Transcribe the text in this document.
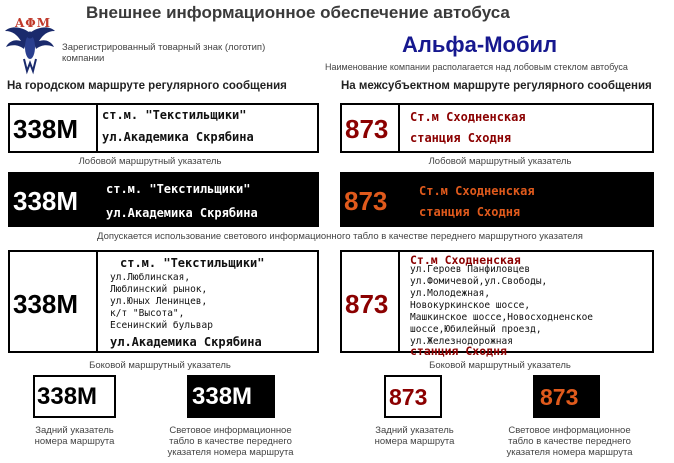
Внешнее информационное обеспечение автобуса
ΑΦΜ
Зарегистрированный товарный знак (логотип) компании
Альфа-Мобил
Наименование компании располагается над лобовым стеклом автобуса
На городском маршруте регулярного сообщения	На межсубъектном маршруте регулярного сообщения
338М ст.м. "Текстильщики"
ул.Академика Скрябина	873 Ст.м Сходненская
станция Сходня
Лобовой маршрутный указатель	Лобовой маршрутный указатель
338М ст.м. "Текстильщики"
ул.Академика Скрябина	873	Ст.м Сходненская
станция Сходня
Допускается использование светового информационного табло в качестве переднего маршрутного указателя
338М
ст.м. "Текстильщики"
ул.Люблинская,
Люблинский рынок,
ул.Юных Ленинцев,
к/т "Высота",
Есенинский бульвар
ул.Академика Скрябина
873
Ст.м Сходненская
ул.Героев Панфиловцев
ул.Фомичевой,ул.Свободы,
ул.Молодежная,
Новокуркинское шоссе,
Машкинское шоссе,Новосходненское
шоссе,Юбилейный проезд,
ул.Железнодорожная
станция Сходня
Боковой маршрутный указатель	Боковой маршрутный указатель
338М	338М	873	873
Задний указатель номера маршрута
Световое информационное табло в качестве переднего указателя номера маршрута
Задний указатель номера маршрута
Световое информационное табло в качестве переднего указателя номера маршрута
